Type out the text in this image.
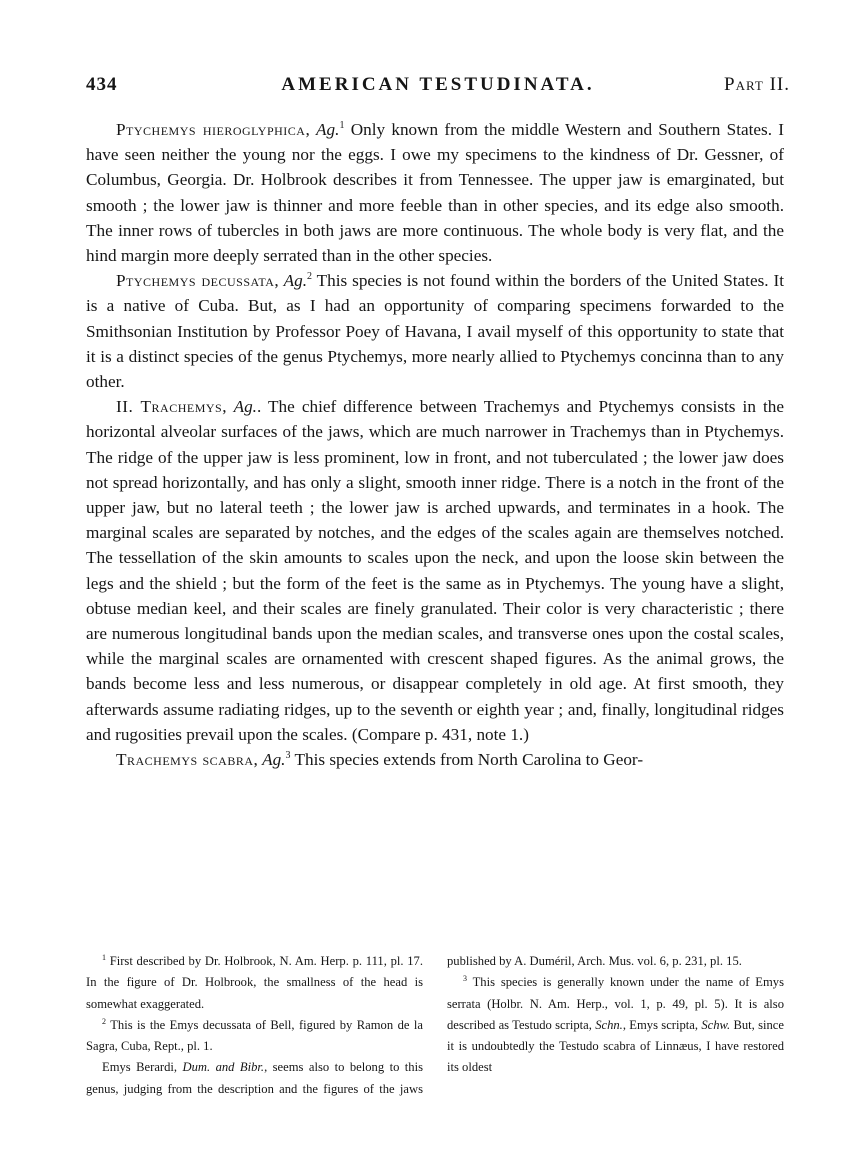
434	AMERICAN TESTUDINATA.	Part II.

Ptychemys hieroglyphica, Ag.$^1$ Only known from the middle Western and Southern States. I have seen neither the young nor the eggs. I owe my specimens to the kindness of Dr. Gessner, of Columbus, Georgia. Dr. Holbrook describes it from Tennessee. The upper jaw is emarginated, but smooth ; the lower jaw is thinner and more feeble than in other species, and its edge also smooth. The inner rows of tubercles in both jaws are more continuous. The whole body is very flat, and the hind margin more deeply serrated than in the other species.

Ptychemys decussata, Ag.$^2$ This species is not found within the borders of the United States. It is a native of Cuba. But, as I had an opportunity of comparing specimens forwarded to the Smithsonian Institution by Professor Poey of Havana, I avail myself of this opportunity to state that it is a distinct species of the genus Ptychemys, more nearly allied to Ptychemys concinna than to any other.

II. Trachemys, Ag.. The chief difference between Trachemys and Ptychemys consists in the horizontal alveolar surfaces of the jaws, which are much narrower in Trachemys than in Ptychemys. The ridge of the upper jaw is less prominent, low in front, and not tuberculated ; the lower jaw does not spread horizontally, and has only a slight, smooth inner ridge. There is a notch in the front of the upper jaw, but no lateral teeth ; the lower jaw is arched upwards, and terminates in a hook. The marginal scales are separated by notches, and the edges of the scales again are themselves notched. The tessellation of the skin amounts to scales upon the neck, and upon the loose skin between the legs and the shield ; but the form of the feet is the same as in Ptychemys. The young have a slight, obtuse median keel, and their scales are finely granulated. Their color is very characteristic ; there are numerous longitudinal bands upon the median scales, and transverse ones upon the costal scales, while the marginal scales are ornamented with crescent shaped figures. As the animal grows, the bands become less and less numerous, or disappear completely in old age. At first smooth, they afterwards assume radiating ridges, up to the seventh or eighth year ; and, finally, longitudinal ridges and rugosities prevail upon the scales. (Compare p. 431, note 1.)

Trachemys scabra, Ag.$^3$ This species extends from North Carolina to Geor-

$^1$ First described by Dr. Holbrook, N. Am. Herp. p. 111, pl. 17. In the figure of Dr. Holbrook, the smallness of the head is somewhat exaggerated.

$^2$ This is the Emys decussata of Bell, figured by Ramon de la Sagra, Cuba, Rept., pl. 1.

Emys Berardi, Dum. and Bibr., seems also to belong to this genus, judging from the description and the figures of the jaws published by A. Duméril, Arch. Mus. vol. 6, p. 231, pl. 15.

$^3$ This species is generally known under the name of Emys serrata (Holbr. N. Am. Herp., vol. 1, p. 49, pl. 5). It is also described as Testudo scripta, Schn., Emys scripta, Schw. But, since it is undoubtedly the Testudo scabra of Linnæus, I have restored its oldest
